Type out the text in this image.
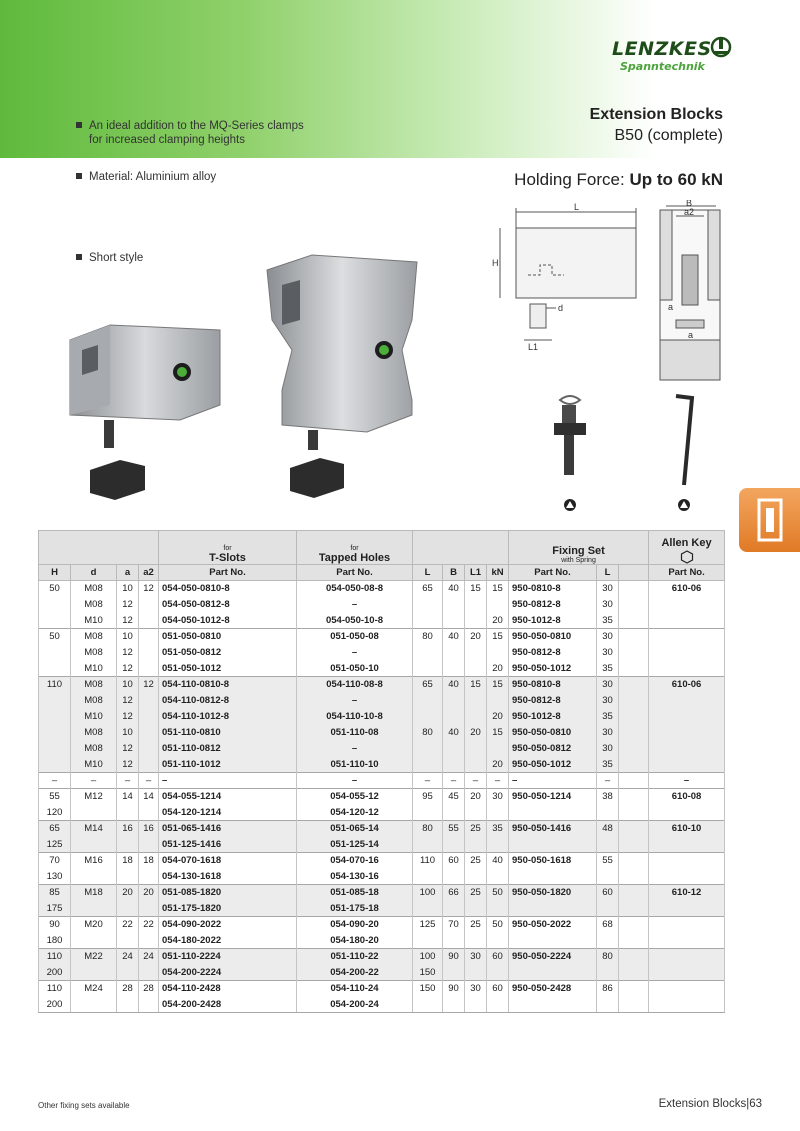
LENZKES
Spanntechnik
An ideal addition to the MQ-Series clamps
for increased clamping heights
Material: Aluminium alloy
Short style
Extension Blocks
B50 (complete)
Holding Force: Up to 60 kN
L
H
d
L1
B
a2
a
a

				for
T-Slots	for
Tapped Holes					Fixing Set
with Spring			Allen Key

H	d	a	a2	Part No.	Part No.	L	B	L1	kN	Part No.	L		Part No.
50	M08	10	12	054-050-0810-8	054-050-08-8	65	40	15	15	950-0810-8	30		610-06
	M08	12		054-050-0812-8	–					950-0812-8	30		
	M10	12		054-050-1012-8	054-050-10-8				20	950-1012-8	35		
50	M08	10		051-050-0810	051-050-08	80	40	20	15	950-050-0810	30		
	M08	12		051-050-0812	–					950-0812-8	30		
	M10	12		051-050-1012	051-050-10				20	950-050-1012	35		
110	M08	10	12	054-110-0810-8	054-110-08-8	65	40	15	15	950-0810-8	30		610-06
	M08	12		054-110-0812-8	–					950-0812-8	30		
	M10	12		054-110-1012-8	054-110-10-8				20	950-1012-8	35		
	M08	10		051-110-0810	051-110-08	80	40	20	15	950-050-0810	30		
	M08	12		051-110-0812	–					950-050-0812	30		
	M10	12		051-110-1012	051-110-10				20	950-050-1012	35		
–	–	–	–	–	–	–	–	–	–	–	–		–
55	M12	14	14	054-055-1214	054-055-12	95	45	20	30	950-050-1214	38		610-08
120				054-120-1214	054-120-12								
65	M14	16	16	051-065-1416	051-065-14	80	55	25	35	950-050-1416	48		610-10
125				051-125-1416	051-125-14								
70	M16	18	18	054-070-1618	054-070-16	110	60	25	40	950-050-1618	55		
130				054-130-1618	054-130-16								
85	M18	20	20	051-085-1820	051-085-18	100	66	25	50	950-050-1820	60		610-12
175				051-175-1820	051-175-18								
90	M20	22	22	054-090-2022	054-090-20	125	70	25	50	950-050-2022	68		
180				054-180-2022	054-180-20								
110	M22	24	24	051-110-2224	051-110-22	100	90	30	60	950-050-2224	80		
200				054-200-2224	054-200-22	150							
110	M24	28	28	054-110-2428	054-110-24	150	90	30	60	950-050-2428	86		
200				054-200-2428	054-200-24								
Other fixing sets available	Extension Blocks|63
